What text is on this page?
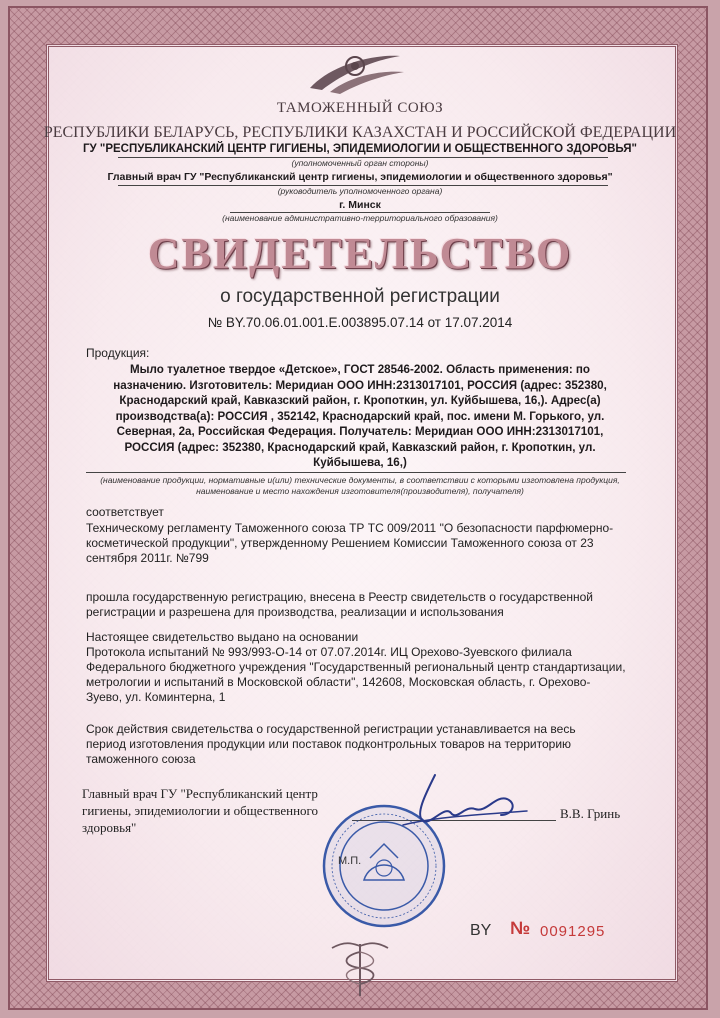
ТАМОЖЕННЫЙ СОЮЗ
РЕСПУБЛИКИ БЕЛАРУСЬ, РЕСПУБЛИКИ КАЗАХСТАН И РОССИЙСКОЙ ФЕДЕРАЦИИ
ГУ "РЕСПУБЛИКАНСКИЙ ЦЕНТР ГИГИЕНЫ, ЭПИДЕМИОЛОГИИ И ОБЩЕСТВЕННОГО ЗДОРОВЬЯ"
(уполномоченный орган стороны)
Главный врач ГУ "Республиканский центр гигиены, эпидемиологии и общественного здоровья"
(руководитель уполномоченного органа)
г. Минск
(наименование административно-территориального образования)
СВИДЕТЕЛЬСТВО
о государственной регистрации
№ BY.70.06.01.001.Е.003895.07.14 от 17.07.2014
Продукция:
Мыло туалетное твердое «Детское», ГОСТ 28546-2002. Область применения: по назначению. Изготовитель: Меридиан ООО ИНН:2313017101, РОССИЯ (адрес: 352380, Краснодарский край, Кавказский район, г. Кропоткин, ул. Куйбышева, 16,). Адрес(а) производства(а): РОССИЯ , 352142, Краснодарский край, пос. имени М. Горького, ул. Северная, 2а, Российская Федерация. Получатель: Меридиан ООО ИНН:2313017101, РОССИЯ (адрес: 352380, Краснодарский край, Кавказский район, г. Кропоткин, ул. Куйбышева, 16,)
(наименование продукции, нормативные и(или) технические документы, в соответствии с которыми изготовлена продукция, наименование и место нахождения изготовителя(производителя), получателя)
соответствует
Техническому регламенту Таможенного союза ТР ТС 009/2011 "О безопасности парфюмерно-косметической продукции", утвержденному Решением Комиссии Таможенного союза от 23 сентября 2011г. №799
прошла государственную регистрацию, внесена в Реестр свидетельств о государственной регистрации и разрешена для производства, реализации и использования
Настоящее свидетельство выдано на основании
Протокола испытаний № 993/993-О-14 от 07.07.2014г. ИЦ Орехово-Зуевского филиала Федерального бюджетного учреждения "Государственный региональный центр стандартизации, метрологии и испытаний в Московской области", 142608, Московская область, г. Орехово-Зуево, ул. Коминтерна, 1
Срок действия свидетельства о государственной регистрации устанавливается на весь период изготовления продукции или поставок подконтрольных товаров на территорию таможенного союза
Главный врач ГУ "Республиканский центр гигиены, эпидемиологии и общественного здоровья"
В.В. Гринь
М.П.
BY № 0091295
